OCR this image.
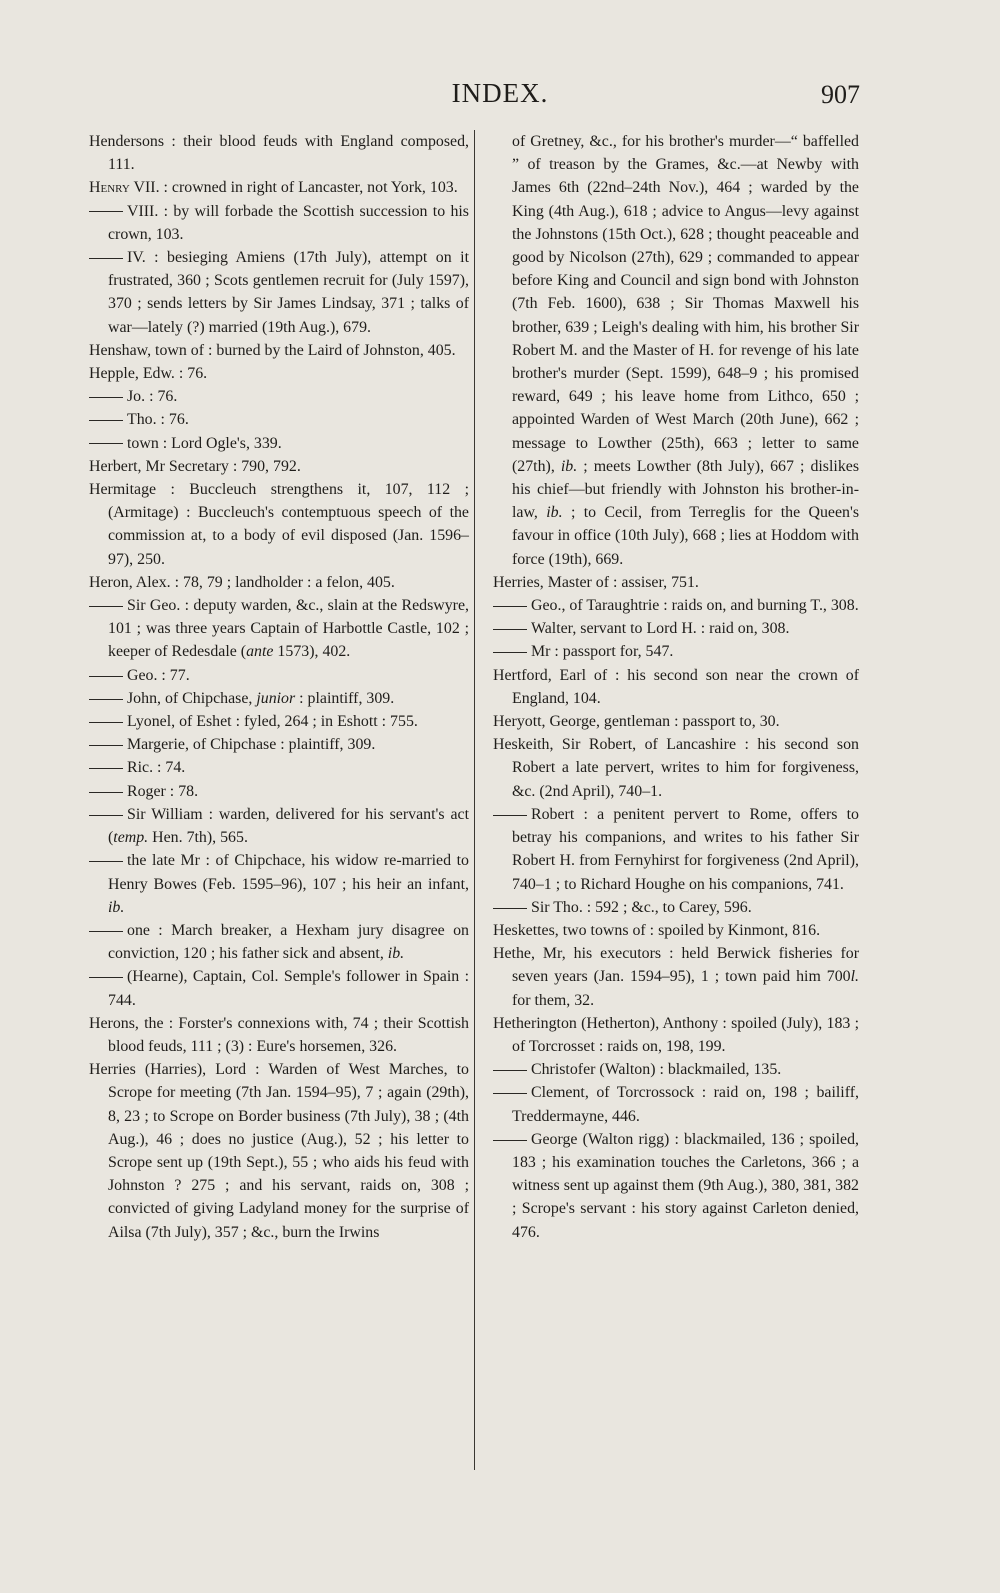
INDEX.	907

Hendersons : their blood feuds with England composed, 111.

Henry VII. : crowned in right of Lancaster, not York, 103.

VIII. : by will forbade the Scottish succession to his crown, 103.

IV. : besieging Amiens (17th July), attempt on it frustrated, 360 ; Scots gentlemen recruit for (July 1597), 370 ; sends letters by Sir James Lindsay, 371 ; talks of war—lately (?) married (19th Aug.), 679.

Henshaw, town of : burned by the Laird of Johnston, 405.

Hepple, Edw. : 76.

Jo. : 76.

Tho. : 76.

town : Lord Ogle's, 339.

Herbert, Mr Secretary : 790, 792.

Hermitage : Buccleuch strengthens it, 107, 112 ; (Armitage) : Buccleuch's contemptuous speech of the commission at, to a body of evil disposed (Jan. 1596–97), 250.

Heron, Alex. : 78, 79 ; landholder : a felon, 405.

Sir Geo. : deputy warden, &c., slain at the Redswyre, 101 ; was three years Captain of Harbottle Castle, 102 ; keeper of Redesdale (ante 1573), 402.

Geo. : 77.

John, of Chipchase, junior : plaintiff, 309.

Lyonel, of Eshet : fyled, 264 ; in Eshott : 755.

Margerie, of Chipchase : plaintiff, 309.

Ric. : 74.

Roger : 78.

Sir William : warden, delivered for his servant's act (temp. Hen. 7th), 565.

the late Mr : of Chipchace, his widow re-married to Henry Bowes (Feb. 1595–96), 107 ; his heir an infant, ib.

one : March breaker, a Hexham jury disagree on conviction, 120 ; his father sick and absent, ib.

(Hearne), Captain, Col. Semple's follower in Spain : 744.

Herons, the : Forster's connexions with, 74 ; their Scottish blood feuds, 111 ; (3) : Eure's horsemen, 326.

Herries (Harries), Lord : Warden of West Marches, to Scrope for meeting (7th Jan. 1594–95), 7 ; again (29th), 8, 23 ; to Scrope on Border business (7th July), 38 ; (4th Aug.), 46 ; does no justice (Aug.), 52 ; his letter to Scrope sent up (19th Sept.), 55 ; who aids his feud with Johnston ? 275 ; and his servant, raids on, 308 ; convicted of giving Ladyland money for the surprise of Ailsa (7th July), 357 ; &c., burn the Irwins

of Gretney, &c., for his brother's murder—“ baffelled ” of treason by the Grames, &c.—at Newby with James 6th (22nd–24th Nov.), 464 ; warded by the King (4th Aug.), 618 ; advice to Angus—levy against the Johnstons (15th Oct.), 628 ; thought peaceable and good by Nicolson (27th), 629 ; commanded to appear before King and Council and sign bond with Johnston (7th Feb. 1600), 638 ; Sir Thomas Maxwell his brother, 639 ; Leigh's dealing with him, his brother Sir Robert M. and the Master of H. for revenge of his late brother's murder (Sept. 1599), 648–9 ; his promised reward, 649 ; his leave home from Lithco, 650 ; appointed Warden of West March (20th June), 662 ; message to Lowther (25th), 663 ; letter to same (27th), ib. ; meets Lowther (8th July), 667 ; dislikes his chief—but friendly with Johnston his brother-in-law, ib. ; to Cecil, from Terreglis for the Queen's favour in office (10th July), 668 ; lies at Hoddom with force (19th), 669.

Herries, Master of : assiser, 751.

Geo., of Taraughtrie : raids on, and burning T., 308.

Walter, servant to Lord H. : raid on, 308.

Mr : passport for, 547.

Hertford, Earl of : his second son near the crown of England, 104.

Heryott, George, gentleman : passport to, 30.

Heskeith, Sir Robert, of Lancashire : his second son Robert a late pervert, writes to him for forgiveness, &c. (2nd April), 740–1.

Robert : a penitent pervert to Rome, offers to betray his companions, and writes to his father Sir Robert H. from Fernyhirst for forgiveness (2nd April), 740–1 ; to Richard Houghe on his companions, 741.

Sir Tho. : 592 ; &c., to Carey, 596.

Heskettes, two towns of : spoiled by Kinmont, 816.

Hethe, Mr, his executors : held Berwick fisheries for seven years (Jan. 1594–95), 1 ; town paid him 700l. for them, 32.

Hetherington (Hetherton), Anthony : spoiled (July), 183 ; of Torcrosset : raids on, 198, 199.

Christofer (Walton) : blackmailed, 135.

Clement, of Torcrossock : raid on, 198 ; bailiff, Treddermayne, 446.

George (Walton rigg) : blackmailed, 136 ; spoiled, 183 ; his examination touches the Carletons, 366 ; a witness sent up against them (9th Aug.), 380, 381, 382 ; Scrope's servant : his story against Carleton denied, 476.
